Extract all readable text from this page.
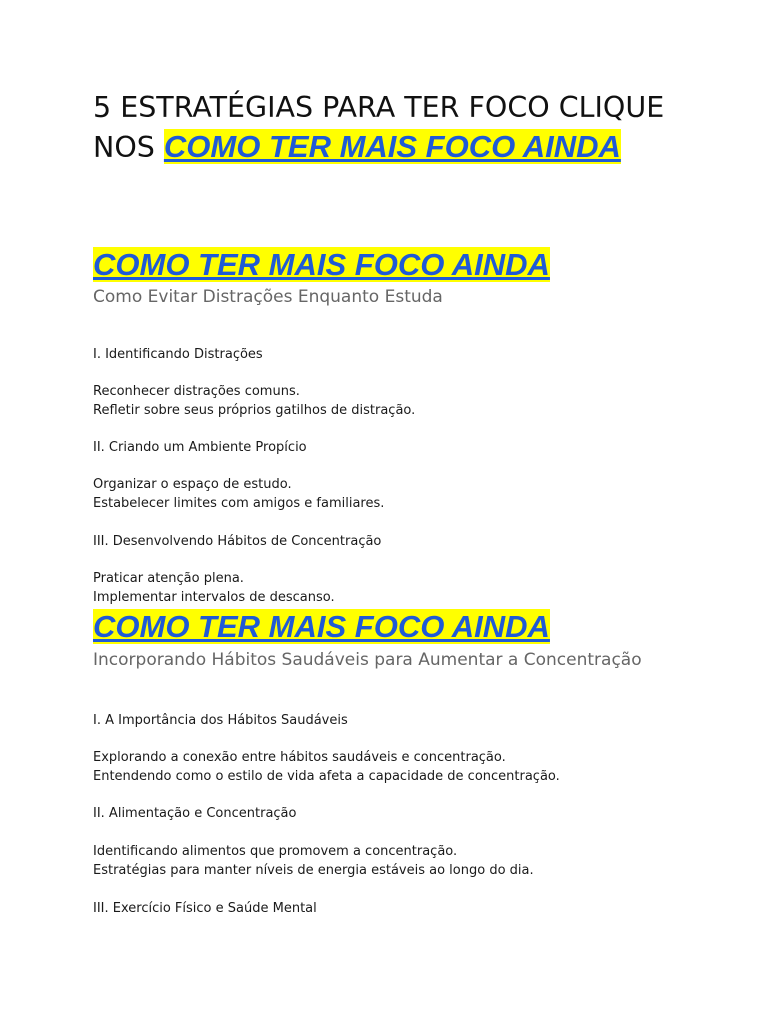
5 ESTRATÉGIAS PARA TER FOCO CLIQUE NOS COMO TER MAIS FOCO AINDA
COMO TER MAIS FOCO AINDA

Como Evitar Distrações Enquanto Estuda

I. Identificando Distrações

Reconhecer distrações comuns.

Refletir sobre seus próprios gatilhos de distração.

II. Criando um Ambiente Propício

Organizar o espaço de estudo.

Estabelecer limites com amigos e familiares.

III. Desenvolvendo Hábitos de Concentração

Praticar atenção plena.

Implementar intervalos de descanso.

COMO TER MAIS FOCO AINDA

Incorporando Hábitos Saudáveis para Aumentar a Concentração

I. A Importância dos Hábitos Saudáveis

Explorando a conexão entre hábitos saudáveis e concentração.

Entendendo como o estilo de vida afeta a capacidade de concentração.

II. Alimentação e Concentração

Identificando alimentos que promovem a concentração.

Estratégias para manter níveis de energia estáveis ao longo do dia.

III. Exercício Físico e Saúde Mental
